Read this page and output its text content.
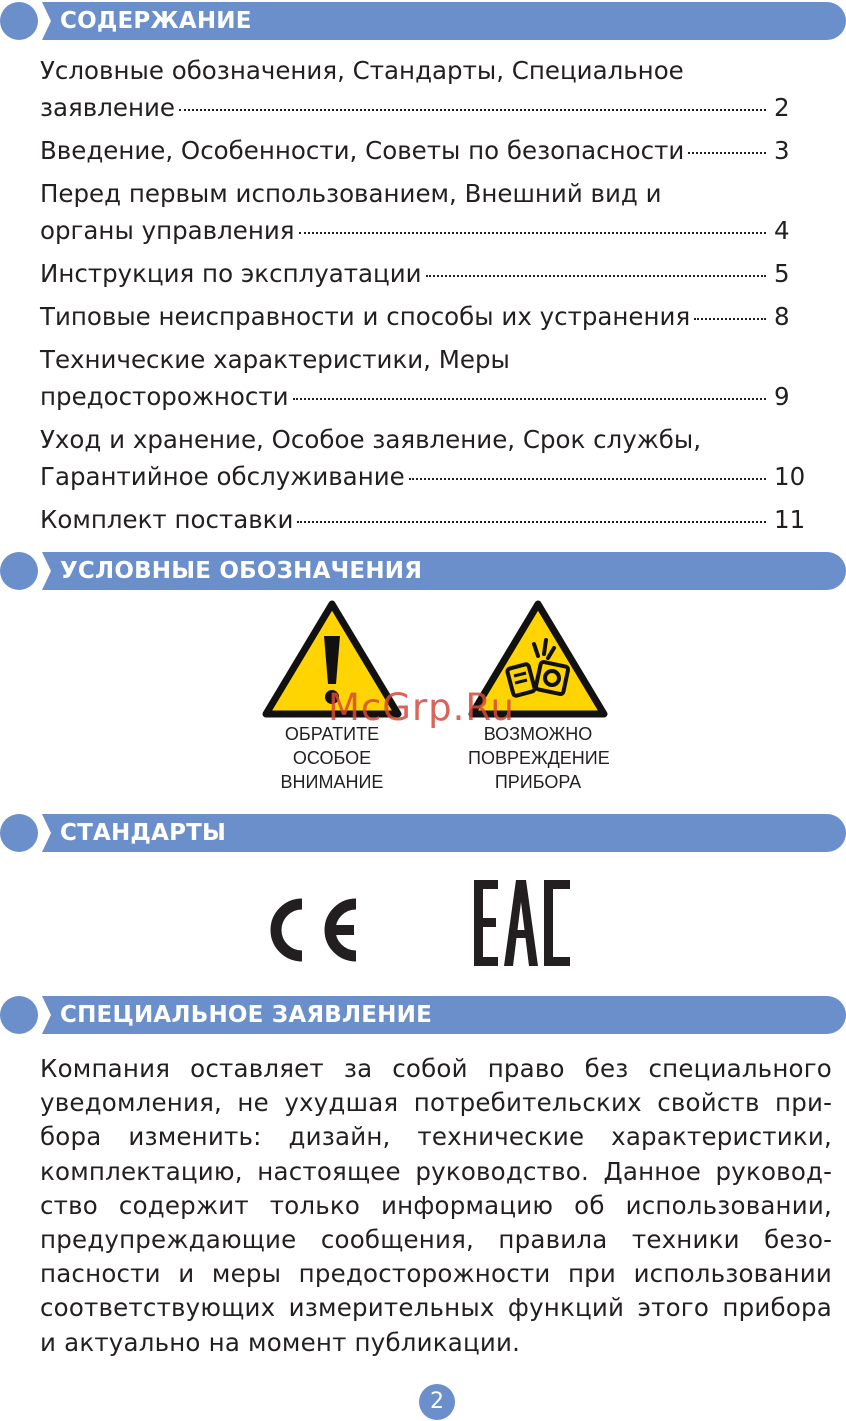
СОДЕРЖАНИЕ
Условные обозначения, Стандарты, Специальное
заявление	2
Введение, Особенности, Советы по безопасности	3
Перед первым использованием, Внешний вид и
органы управления	4
Инструкция по эксплуатации	5
Типовые неисправности и способы их устранения	8
Технические характеристики, Меры
предосторожности	9
Уход и хранение, Особое заявление, Срок службы,
Гарантийное обслуживание	10
Комплект поставки	11
УСЛОВНЫЕ ОБОЗНАЧЕНИЯ
ОБРАТИТЕ
ОСОБОЕ
ВНИМАНИЕ
ВОЗМОЖНО
ПОВРЕЖДЕНИЕ
ПРИБОРА
McGrp.Ru
СТАНДАРТЫ
СПЕЦИАЛЬНОЕ ЗАЯВЛЕНИЕ
Компания оставляет за собой право без специального уведомления, не ухудшая потребительских свойств прибора изменить: дизайн, технические характеристики, комплектацию, настоящее руководство. Данное руководство содержит только информацию об использовании, предупреждающие сообщения, правила техники безопасности и меры предосторожности при использовании соответствующих измерительных функций этого прибора и актуально на момент публикации.
2
